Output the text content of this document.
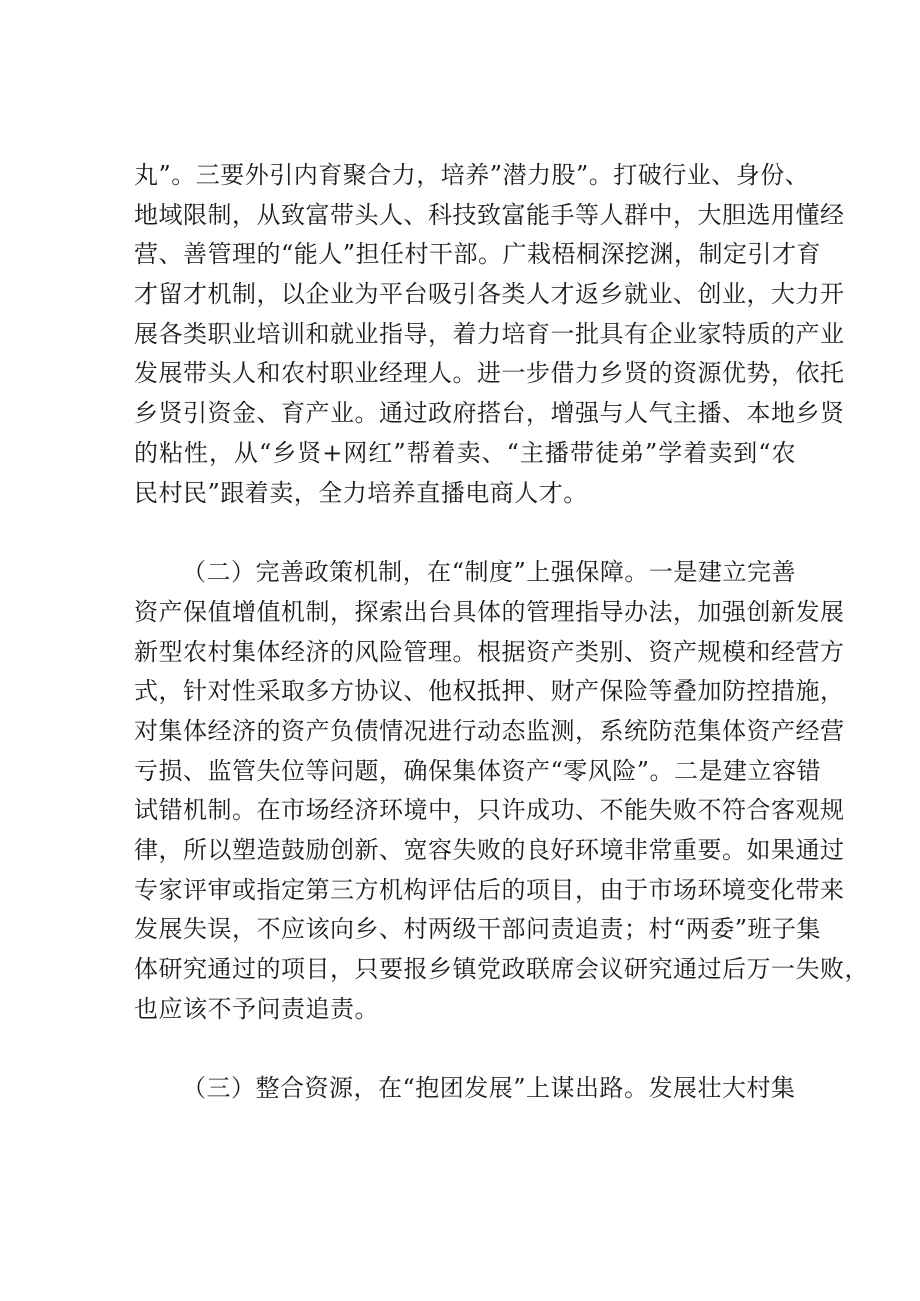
丸”。三要外引内育聚合力，培养”潜力股”。打破行业、身份、
地域限制，从致富带头人、科技致富能手等人群中，大胆选用懂经
营、善管理的“能人”担任村干部。广栽梧桐深挖渊，制定引才育
才留才机制，以企业为平台吸引各类人才返乡就业、创业，大力开
展各类职业培训和就业指导，着力培育一批具有企业家特质的产业
发展带头人和农村职业经理人。进一步借力乡贤的资源优势，依托
乡贤引资金、育产业。通过政府搭台，增强与人气主播、本地乡贤
的粘性，从“乡贤+网红”帮着卖、“主播带徒弟”学着卖到“农
民村民”跟着卖，全力培养直播电商人才。
（二）完善政策机制，在“制度”上强保障。一是建立完善
资产保值增值机制，探索出台具体的管理指导办法，加强创新发展
新型农村集体经济的风险管理。根据资产类别、资产规模和经营方
式，针对性采取多方协议、他权抵押、财产保险等叠加防控措施，
对集体经济的资产负债情况进行动态监测，系统防范集体资产经营
亏损、监管失位等问题，确保集体资产“零风险”。二是建立容错
试错机制。在市场经济环境中，只许成功、不能失败不符合客观规
律，所以塑造鼓励创新、宽容失败的良好环境非常重要。如果通过
专家评审或指定第三方机构评估后的项目，由于市场环境变化带来
发展失误，不应该向乡、村两级干部问责追责；村“两委”班子集
体研究通过的项目，只要报乡镇党政联席会议研究通过后万一失败，
也应该不予问责追责。
（三）整合资源，在“抱团发展”上谋出路。发展壮大村集
